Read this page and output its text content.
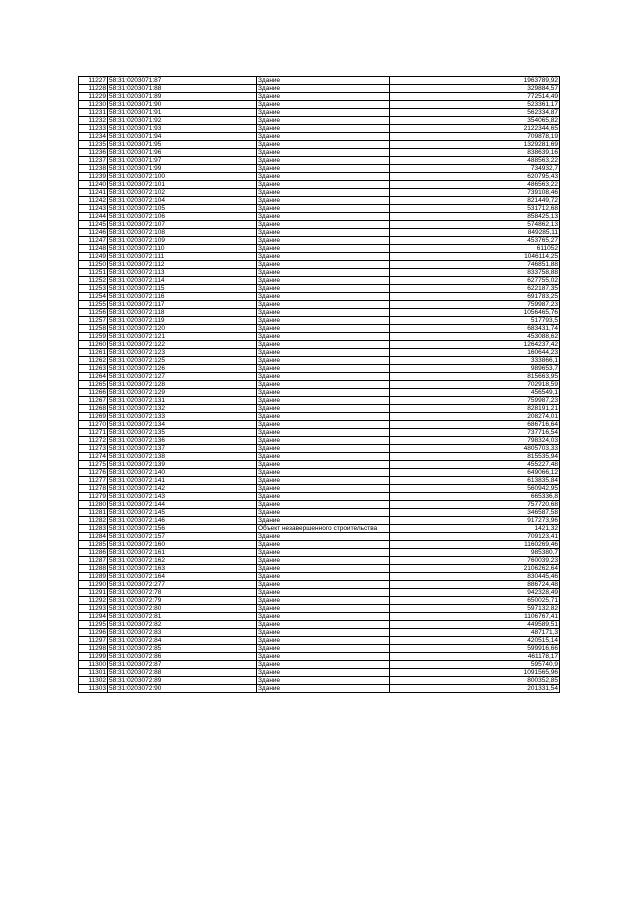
11227	58:31:0203071:87	Здание	1963789,92
11228	58:31:0203071:88	Здание	329884,57
11229	58:31:0203071:89	Здание	772514,49
11230	58:31:0203071:90	Здание	523361,17
11231	58:31:0203071:91	Здание	562334,87
11232	58:31:0203071:92	Здание	354065,82
11233	58:31:0203071:93	Здание	2122344,65
11234	58:31:0203071:94	Здание	709878,19
11235	58:31:0203071:95	Здание	1329281,69
11236	58:31:0203071:96	Здание	838639,16
11237	58:31:0203071:97	Здание	488563,22
11238	58:31:0203071:99	Здание	734932,7
11239	58:31:0203072:100	Здание	620795,43
11240	58:31:0203072:101	Здание	486563,22
11241	58:31:0203072:102	Здание	739108,46
11242	58:31:0203072:104	Здание	821449,72
11243	58:31:0203072:105	Здание	531712,68
11244	58:31:0203072:106	Здание	858425,13
11245	58:31:0203072:107	Здание	574862,13
11246	58:31:0203072:108	Здание	849285,11
11247	58:31:0203072:109	Здание	453765,27
11248	58:31:0203072:110	Здание	611052
11249	58:31:0203072:111	Здание	1046114,25
11250	58:31:0203072:112	Здание	746851,88
11251	58:31:0203072:113	Здание	833758,88
11252	58:31:0203072:114	Здание	627755,02
11253	58:31:0203072:115	Здание	622187,35
11254	58:31:0203072:116	Здание	691783,25
11255	58:31:0203072:117	Здание	759987,23
11256	58:31:0203072:118	Здание	1056465,76
11257	58:31:0203072:119	Здание	517793,5
11258	58:31:0203072:120	Здание	683431,74
11259	58:31:0203072:121	Здание	453088,62
11260	58:31:0203072:122	Здание	1264237,42
11261	58:31:0203072:123	Здание	160644,23
11262	58:31:0203072:125	Здание	333866,1
11263	58:31:0203072:126	Здание	989653,7
11264	58:31:0203072:127	Здание	815663,95
11265	58:31:0203072:128	Здание	702918,59
11266	58:31:0203072:129	Здание	456549,1
11267	58:31:0203072:131	Здание	759987,23
11268	58:31:0203072:132	Здание	828191,21
11269	58:31:0203072:133	Здание	208274,01
11270	58:31:0203072:134	Здание	686716,64
11271	58:31:0203072:135	Здание	737716,54
11272	58:31:0203072:136	Здание	798324,03
11273	58:31:0203072:137	Здание	4805703,33
11274	58:31:0203072:138	Здание	815535,94
11275	58:31:0203072:139	Здание	455227,48
11276	58:31:0203072:140	Здание	649066,12
11277	58:31:0203072:141	Здание	613835,84
11278	58:31:0203072:142	Здание	560942,95
11279	58:31:0203072:143	Здание	665336,8
11280	58:31:0203072:144	Здание	757720,68
11281	58:31:0203072:145	Здание	346587,58
11282	58:31:0203072:146	Здание	917273,96
11283	58:31:0203072:156	Объект незавершенного строительства	1421,32
11284	58:31:0203072:157	Здание	709123,41
11285	58:31:0203072:160	Здание	1160269,46
11286	58:31:0203072:161	Здание	985380,7
11287	58:31:0203072:162	Здание	760039,23
11288	58:31:0203072:163	Здание	2106262,64
11289	58:31:0203072:164	Здание	830445,46
11290	58:31:0203072:277	Здание	886724,48
11291	58:31:0203072:78	Здание	942328,49
11292	58:31:0203072:79	Здание	650025,71
11293	58:31:0203072:80	Здание	597132,82
11294	58:31:0203072:81	Здание	1106767,41
11295	58:31:0203072:82	Здание	449589,51
11296	58:31:0203072:83	Здание	487171,3
11297	58:31:0203072:84	Здание	420515,14
11298	58:31:0203072:85	Здание	599916,66
11299	58:31:0203072:86	Здание	461178,17
11300	58:31:0203072:87	Здание	595740,9
11301	58:31:0203072:88	Здание	1091565,96
11302	58:31:0203072:89	Здание	800352,85
11303	58:31:0203072:90	Здание	201331,54
